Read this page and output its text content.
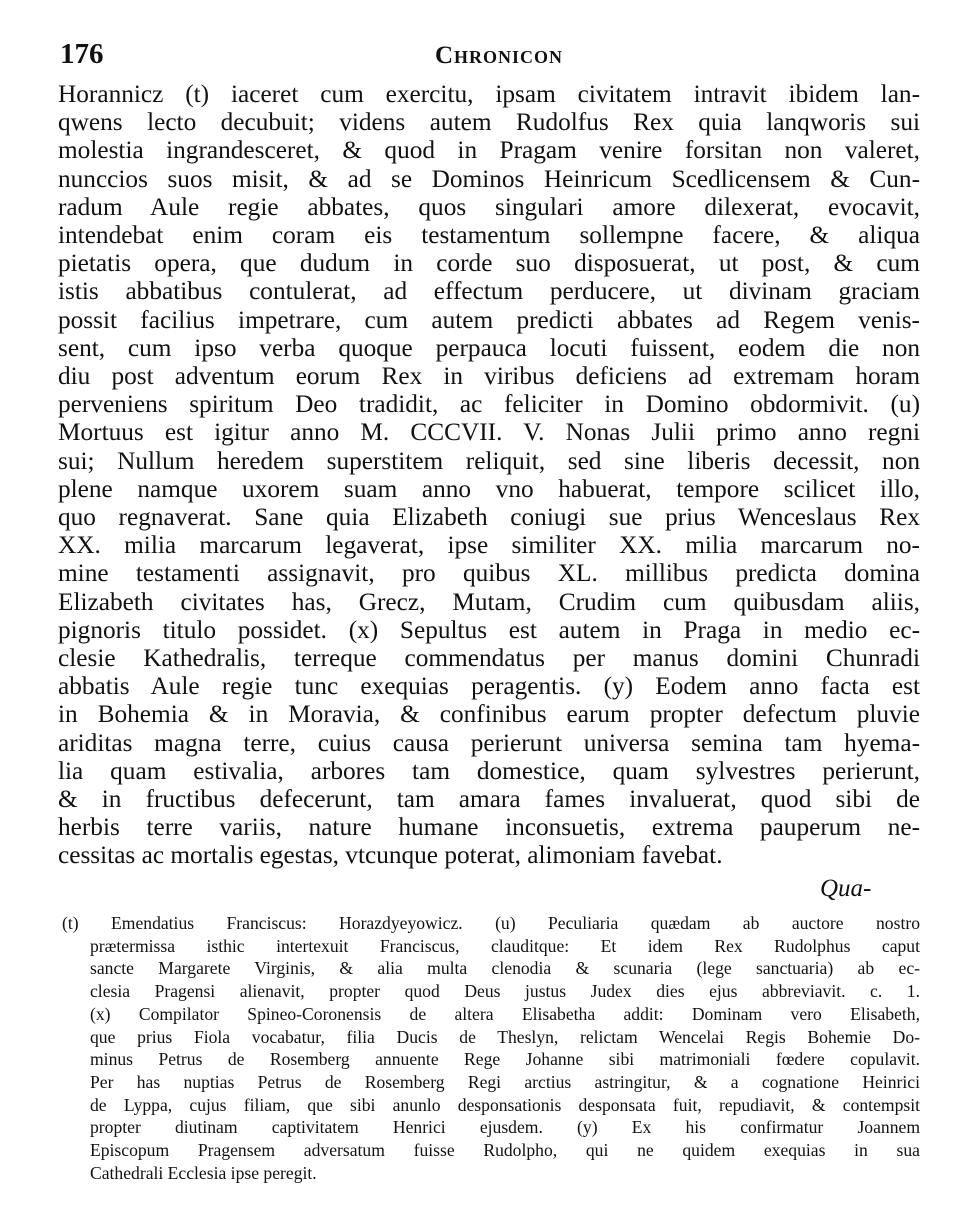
176	Chronicon
Horannicz (t) iaceret cum exercitu, ipsam civitatem intravit ibidem lan-
qwens lecto decubuit; videns autem Rudolfus Rex quia lanqworis sui
molestia ingrandesceret, & quod in Pragam venire forsitan non valeret,
nunccios suos misit, & ad se Dominos Heinricum Scedlicensem & Cun-
radum Aule regie abbates, quos singulari amore dilexerat, evocavit,
intendebat enim coram eis testamentum sollempne facere, & aliqua
pietatis opera, que dudum in corde suo disposuerat, ut post, & cum
istis abbatibus contulerat, ad effectum perducere, ut divinam graciam
possit facilius impetrare, cum autem predicti abbates ad Regem venis-
sent, cum ipso verba quoque perpauca locuti fuissent, eodem die non
diu post adventum eorum Rex in viribus deficiens ad extremam horam
perveniens spiritum Deo tradidit, ac feliciter in Domino obdormivit. (u)
Mortuus est igitur anno M. CCCVII. V. Nonas Julii primo anno regni
sui; Nullum heredem superstitem reliquit, sed sine liberis decessit, non
plene namque uxorem suam anno vno habuerat, tempore scilicet illo,
quo regnaverat. Sane quia Elizabeth coniugi sue prius Wenceslaus Rex
XX. milia marcarum legaverat, ipse similiter XX. milia marcarum no-
mine testamenti assignavit, pro quibus XL. millibus predicta domina
Elizabeth civitates has, Grecz, Mutam, Crudim cum quibusdam aliis,
pignoris titulo possidet. (x) Sepultus est autem in Praga in medio ec-
clesie Kathedralis, terreque commendatus per manus domini Chunradi
abbatis Aule regie tunc exequias peragentis. (y) Eodem anno facta est
in Bohemia & in Moravia, & confinibus earum propter defectum pluvie
ariditas magna terre, cuius causa perierunt universa semina tam hyema-
lia quam estivalia, arbores tam domestice, quam sylvestres perierunt,
& in fructibus defecerunt, tam amara fames invaluerat, quod sibi de
herbis terre variis, nature humane inconsuetis, extrema pauperum ne-
cessitas ac mortalis egestas, vtcunque poterat, alimoniam favebat.
Qua-
(t) Emendatius Franciscus: Horazdyeyowicz. (u) Peculiaria quædam ab auctore nostro
prætermissa isthic intertexuit Franciscus, clauditque: Et idem Rex Rudolphus caput
sancte Margarete Virginis, & alia multa clenodia & scunaria (lege sanctuaria) ab ec-
clesia Pragensi alienavit, propter quod Deus justus Judex dies ejus abbreviavit. c. 1.
(x) Compilator Spineo-Coronensis de altera Elisabetha addit: Dominam vero Elisabeth,
que prius Fiola vocabatur, filia Ducis de Theslyn, relictam Wencelai Regis Bohemie Do-
minus Petrus de Rosemberg annuente Rege Johanne sibi matrimoniali fœdere copulavit.
Per has nuptias Petrus de Rosemberg Regi arctius astringitur, & a cognatione Heinrici
de Lyppa, cujus filiam, que sibi anunlo desponsationis desponsata fuit, repudiavit, & contempsit
propter diutinam captivitatem Henrici ejusdem. (y) Ex his confirmatur Joannem
Episcopum Pragensem adversatum fuisse Rudolpho, qui ne quidem exequias in sua
Cathedrali Ecclesia ipse peregit.
